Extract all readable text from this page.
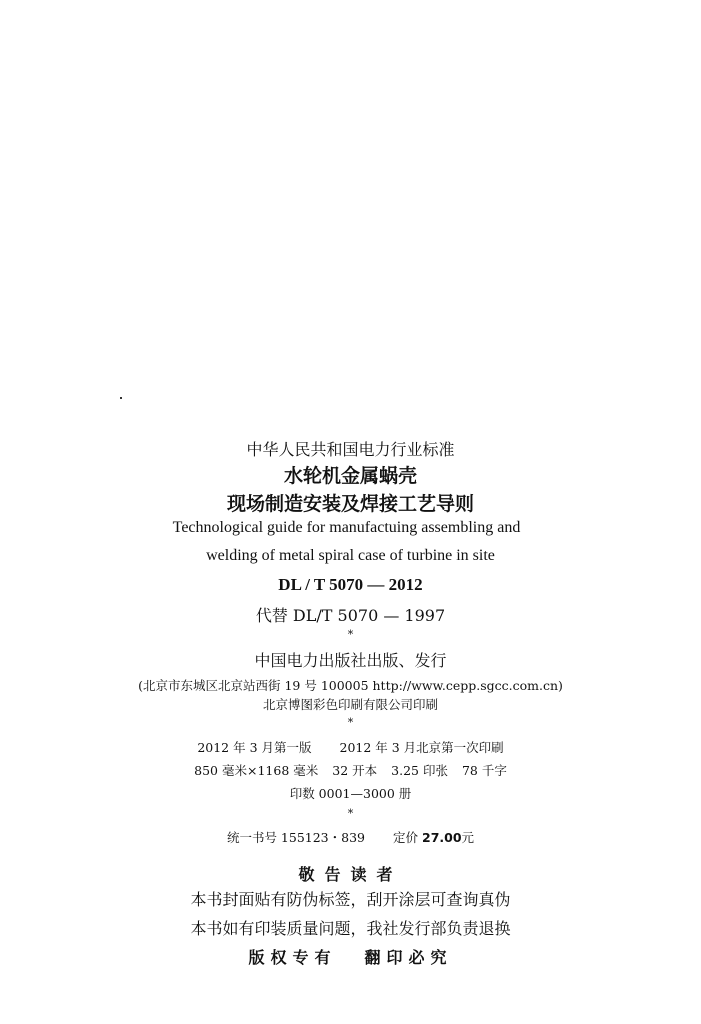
中华人民共和国电力行业标准
水轮机金属蜗壳
现场制造安装及焊接工艺导则
Technological guide for manufactuing assembling and
welding of metal spiral case of turbine in site
DL / T 5070 — 2012
代替 DL/T 5070 — 1997
*
中国电力出版社出版、发行
(北京市东城区北京站西街 19 号 100005 http://www.cepp.sgcc.com.cn)
北京博图彩色印刷有限公司印刷
*
2012 年 3 月第一版 2012 年 3 月北京第一次印刷
850 毫米×1168 毫米 32 开本 3.25 印张 78 千字
印数 0001—3000 册
*
统一书号 155123・839 定价 27.00元
敬告读者
本书封面贴有防伪标签，刮开涂层可查询真伪
本书如有印装质量问题，我社发行部负责退换
版权专有 翻印必究
